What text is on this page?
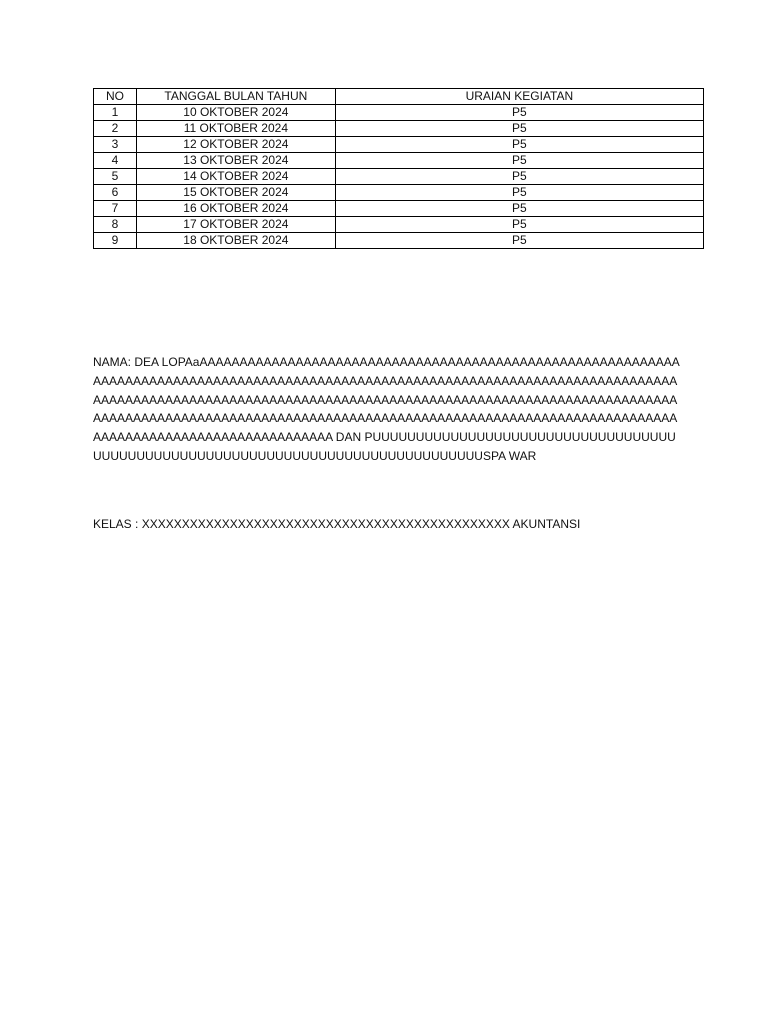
NO	TANGGAL BULAN TAHUN	URAIAN KEGIATAN
1	10 OKTOBER 2024	P5
2	11 OKTOBER 2024	P5
3	12 OKTOBER 2024	P5
4	13 OKTOBER 2024	P5
5	14 OKTOBER 2024	P5
6	15 OKTOBER 2024	P5
7	16 OKTOBER 2024	P5
8	17 OKTOBER 2024	P5
9	18 OKTOBER 2024	P5

NAMA: DEA LOPAaAAAAAAAAAAAAAAAAAAAAAAAAAAAAAAAAAAAAAAAAAAAAAAAAAAAAAAAAAAAAAAAAAAAAAAAAAAAAAAAAAAAAAAAAAAAAAAAAAAAAAAAAAAAAAAAAAAAAAAAAAAAAAAAAAAAAAAAAAAAAAAAAAAAAAAAAAAAAAAAAAAAAAAAAAAAAAAAAAAAAAAAAAAAAAAAAAAAAAAAAAAAAAAAAAAAAAAAAAAAAAAAAAAAAAAAAAAAAAAAAAAAAAAAAAAAAAAAAAAAAAAAAAAAAAAAAAAAAAAAAAAAAAAAAAAAAAAAAAAAAAAAAAAAAA DAN PUUUUUUUUUUUUUUUUUUUUUUUUUUUUUUUUUUUUUUUUUUUUUUUUUUUUUUUUUUUUUUUUUUUUUUUUUUUUUUUUSPA WAR

KELAS : XXXXXXXXXXXXXXXXXXXXXXXXXXXXXXXXXXXXXXXXXXXXXX AKUNTANSI
